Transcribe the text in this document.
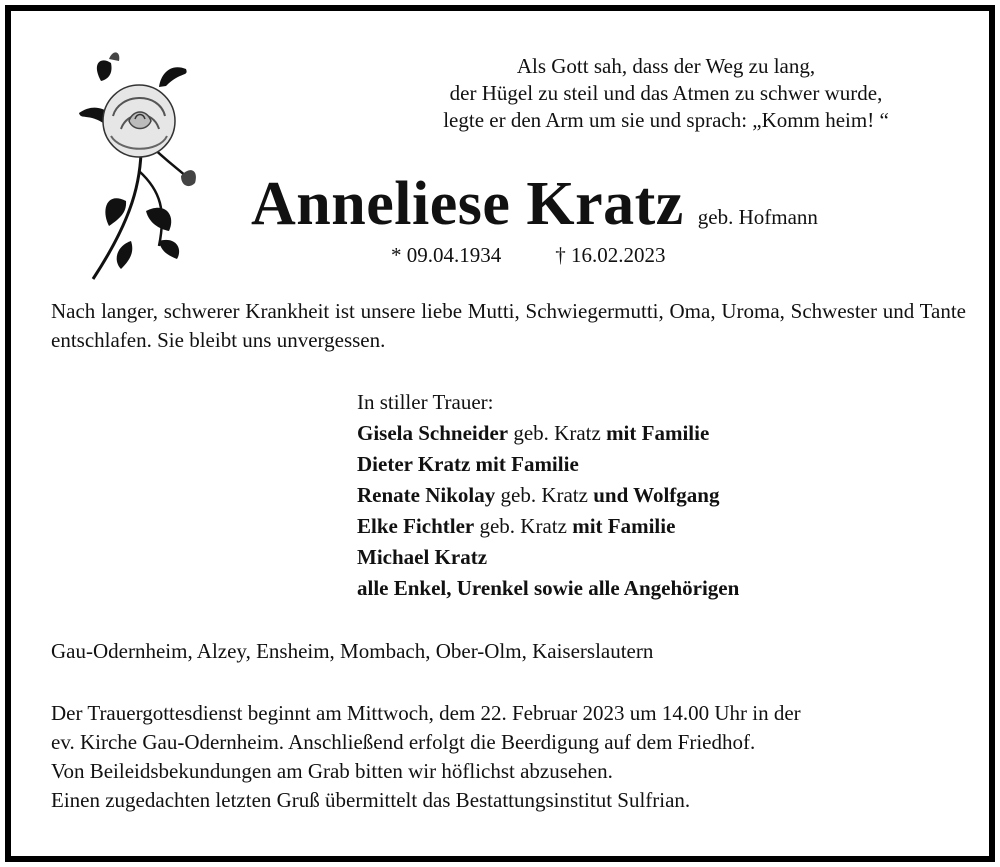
Als Gott sah, dass der Weg zu lang,
der Hügel zu steil und das Atmen zu schwer wurde,
legte er den Arm um sie und sprach: „Komm heim! “
Anneliese Kratz geb. Hofmann
* 09.04.1934	† 16.02.2023
Nach langer, schwerer Krankheit ist unsere liebe Mutti, Schwiegermutti, Oma, Uroma, Schwester und Tante entschlafen. Sie bleibt uns unvergessen.
In stiller Trauer:
Gisela Schneider geb. Kratz mit Familie
Dieter Kratz mit Familie
Renate Nikolay geb. Kratz und Wolfgang
Elke Fichtler geb. Kratz mit Familie
Michael Kratz
alle Enkel, Urenkel sowie alle Angehörigen
Gau-Odernheim, Alzey, Ensheim, Mombach, Ober-Olm, Kaiserslautern
Der Trauergottesdienst beginnt am Mittwoch, dem 22. Februar 2023 um 14.00 Uhr in der
ev. Kirche Gau-Odernheim. Anschließend erfolgt die Beerdigung auf dem Friedhof.
Von Beileidsbekundungen am Grab bitten wir höflichst abzusehen.
Einen zugedachten letzten Gruß übermittelt das Bestattungsinstitut Sulfrian.
